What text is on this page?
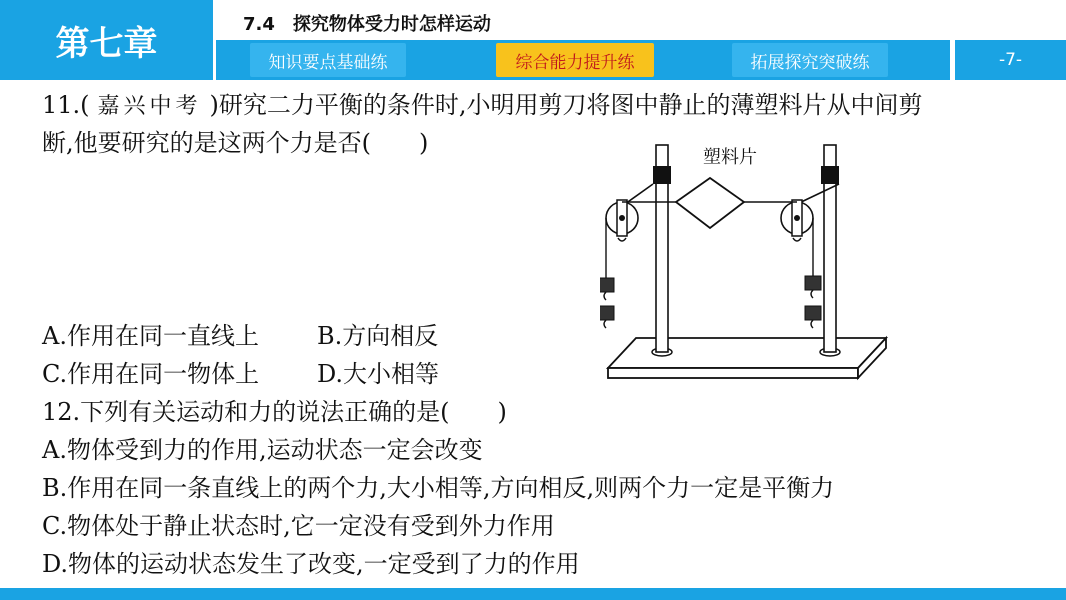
第七章	7.4　探究物体受力时怎样运动
知识要点基础练	综合能力提升练	拓展探究突破练	-7-
11.( 嘉兴中考 )研究二力平衡的条件时,小明用剪刀将图中静止的薄塑料片从中间剪
断,他要研究的是这两个力是否(　　)
A.作用在同一直线上 B.方向相反
C.作用在同一物体上 D.大小相等
12.下列有关运动和力的说法正确的是(　　)
A.物体受到力的作用,运动状态一定会改变
B.作用在同一条直线上的两个力,大小相等,方向相反,则两个力一定是平衡力
C.物体处于静止状态时,它一定没有受到外力作用
D.物体的运动状态发生了改变,一定受到了力的作用
塑料片
